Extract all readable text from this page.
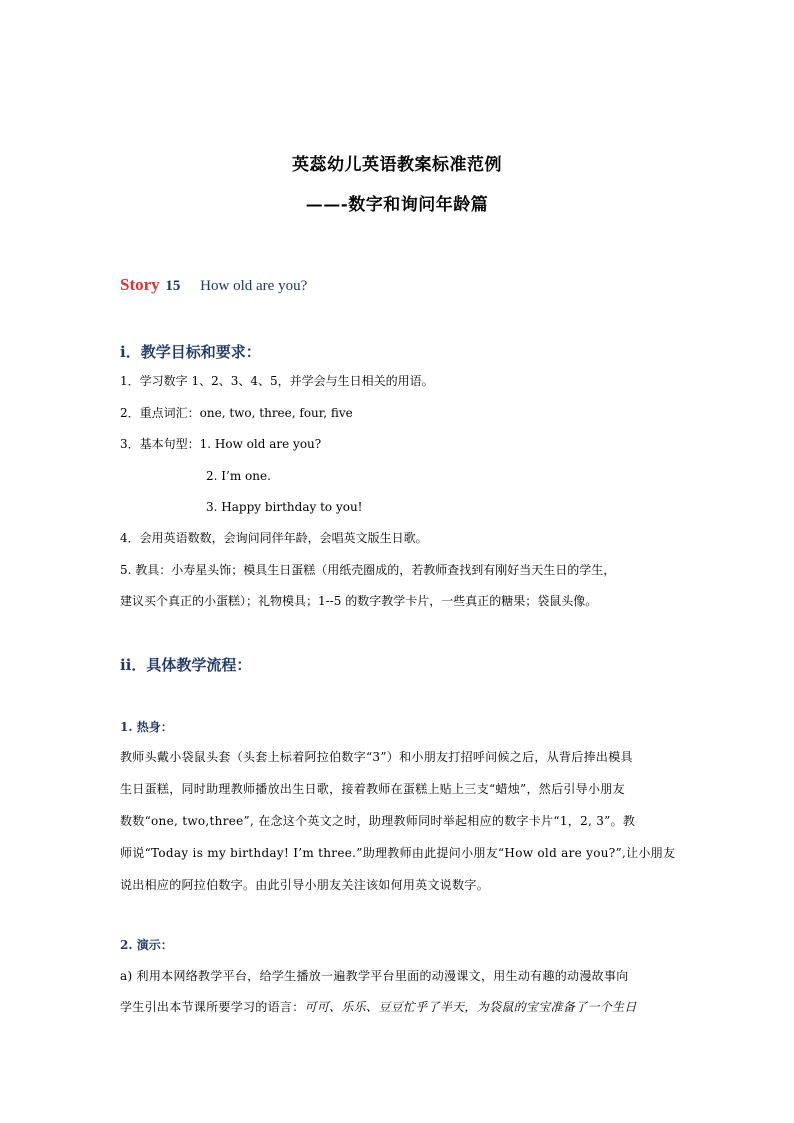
英蕊幼儿英语教案标准范例
——-数字和询问年龄篇
Story 15 How old are you?
ⅰ．教学目标和要求：
1．学习数字 1、2、3、4、5，并学会与生日相关的用语。
2．重点词汇：one, two, three, four, five
3．基本句型：1. How old are you?
2. I’m one.
3. Happy birthday to you!
4．会用英语数数，会询问同伴年龄，会唱英文版生日歌。
5. 教具：小寿星头饰；模具生日蛋糕（用纸壳圈成的，若教师查找到有刚好当天生日的学生，
建议买个真正的小蛋糕）；礼物模具；1--5 的数字教学卡片，一些真正的糖果；袋鼠头像。
ⅱ．具体教学流程：
1. 热身：
教师头戴小袋鼠头套（头套上标着阿拉伯数字“3”）和小朋友打招呼问候之后，从背后捧出模具
生日蛋糕，同时助理教师播放出生日歌，接着教师在蛋糕上贴上三支“蜡烛”，然后引导小朋友
数数“one, two,three”, 在念这个英文之时，助理教师同时举起相应的数字卡片“1，2, 3”。教
师说“Today is my birthday! I’m three.”助理教师由此提问小朋友“How old are you?”,让小朋友
说出相应的阿拉伯数字。由此引导小朋友关注该如何用英文说数字。
2. 演示：
a) 利用本网络教学平台，给学生播放一遍教学平台里面的动漫课文，用生动有趣的动漫故事向
学生引出本节课所要学习的语言：可可、乐乐、豆豆忙乎了半天，为袋鼠的宝宝准备了一个生日
